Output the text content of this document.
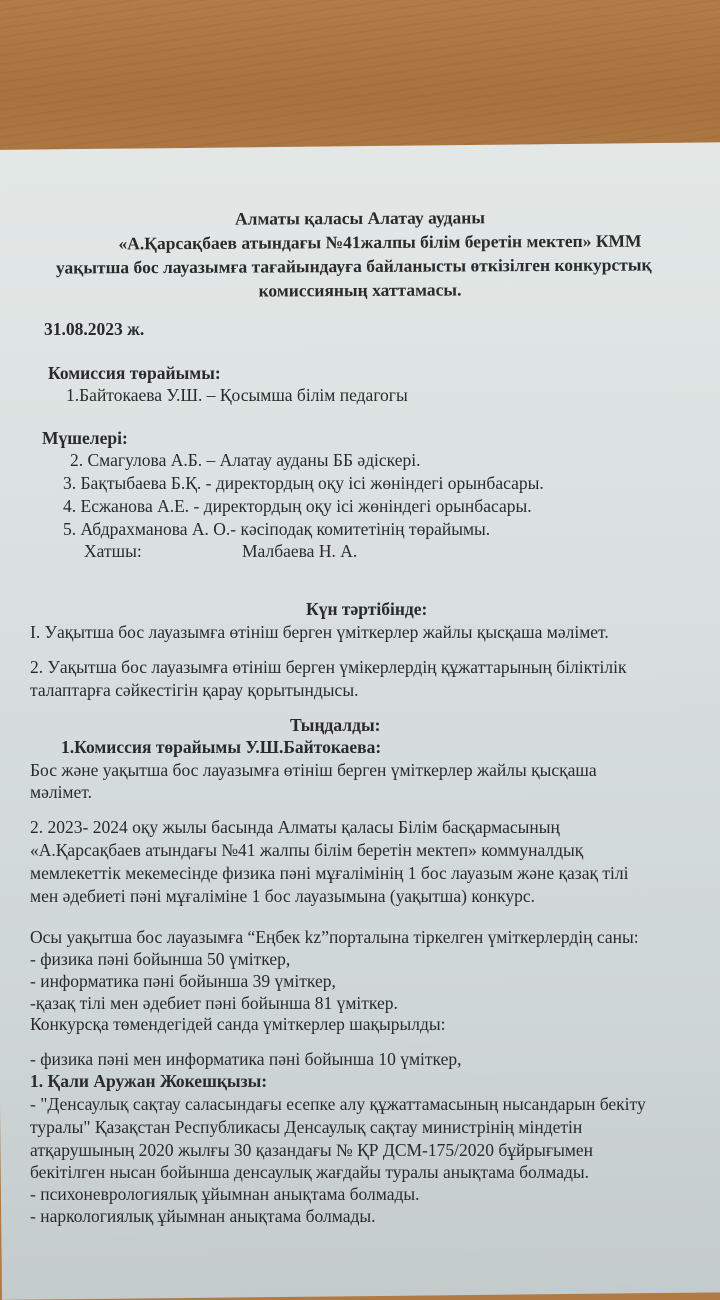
Алматы қаласы Алатау ауданы
«А.Қарсақбаев атындағы №41жалпы білім беретін мектеп» КММ
уақытша бос лауазымға тағайындауға байланысты өткізілген конкурстық
комиссияның хаттамасы.
31.08.2023 ж.
Комиссия төрайымы:
1.Байтокаева У.Ш. – Қосымша білім педагогы
Мүшелері:
2. Смагулова А.Б. – Алатау ауданы ББ әдіскері.
3. Бақтыбаева Б.Қ. - директордың оқу ісі жөніндегі орынбасары.
4. Есжанова А.Е. - директордың оқу ісі жөніндегі орынбасары.
5. Абдрахманова А. О.- кәсіподақ комитетінің төрайымы.
Хатшы:	Малбаева Н. А.
Күн тәртібінде:
I. Уақытша бос лауазымға өтініш берген үміткерлер жайлы қысқаша мәлімет.
2. Уақытша бос лауазымға өтініш берген үмікерлердің құжаттарының біліктілік
талаптарға сәйкестігін қарау қорытындысы.
Тыңдалды:
1.Комиссия төрайымы У.Ш.Байтокаева:
Бос және уақытша бос лауазымға өтініш берген үміткерлер жайлы қысқаша
мәлімет.
2. 2023- 2024 оқу жылы басында Алматы қаласы Білім басқармасының
«А.Қарсақбаев атындағы №41 жалпы білім беретін мектеп» коммуналдық
мемлекеттік мекемесінде физика пәні мұғалімінің 1 бос лауазым және қазақ тілі
мен әдебиеті пәні мұғаліміне 1 бос лауазымына (уақытша) конкурс.
Осы уақытша бос лауазымға “Еңбек kz”порталына тіркелген үміткерлердің саны:
- физика пәні бойынша 50 үміткер,
- информатика пәні бойынша 39 үміткер,
-қазақ тілі мен әдебиет пәні бойынша 81 үміткер.
Конкурсқа төмендегідей санда үміткерлер шақырылды:
- физика пәні мен информатика пәні бойынша 10 үміткер,
1. Қали Аружан Жокешқызы:
- "Денсаулық сақтау саласындағы есепке алу құжаттамасының нысандарын бекіту
туралы" Қазақстан Республикасы Денсаулық сақтау министрінің міндетін
атқарушының 2020 жылғы 30 қазандағы № ҚР ДСМ-175/2020 бұйрығымен
бекітілген нысан бойынша денсаулық жағдайы туралы анықтама болмады.
- психоневрологиялық ұйымнан анықтама болмады.
- наркологиялық ұйымнан анықтама болмады.
